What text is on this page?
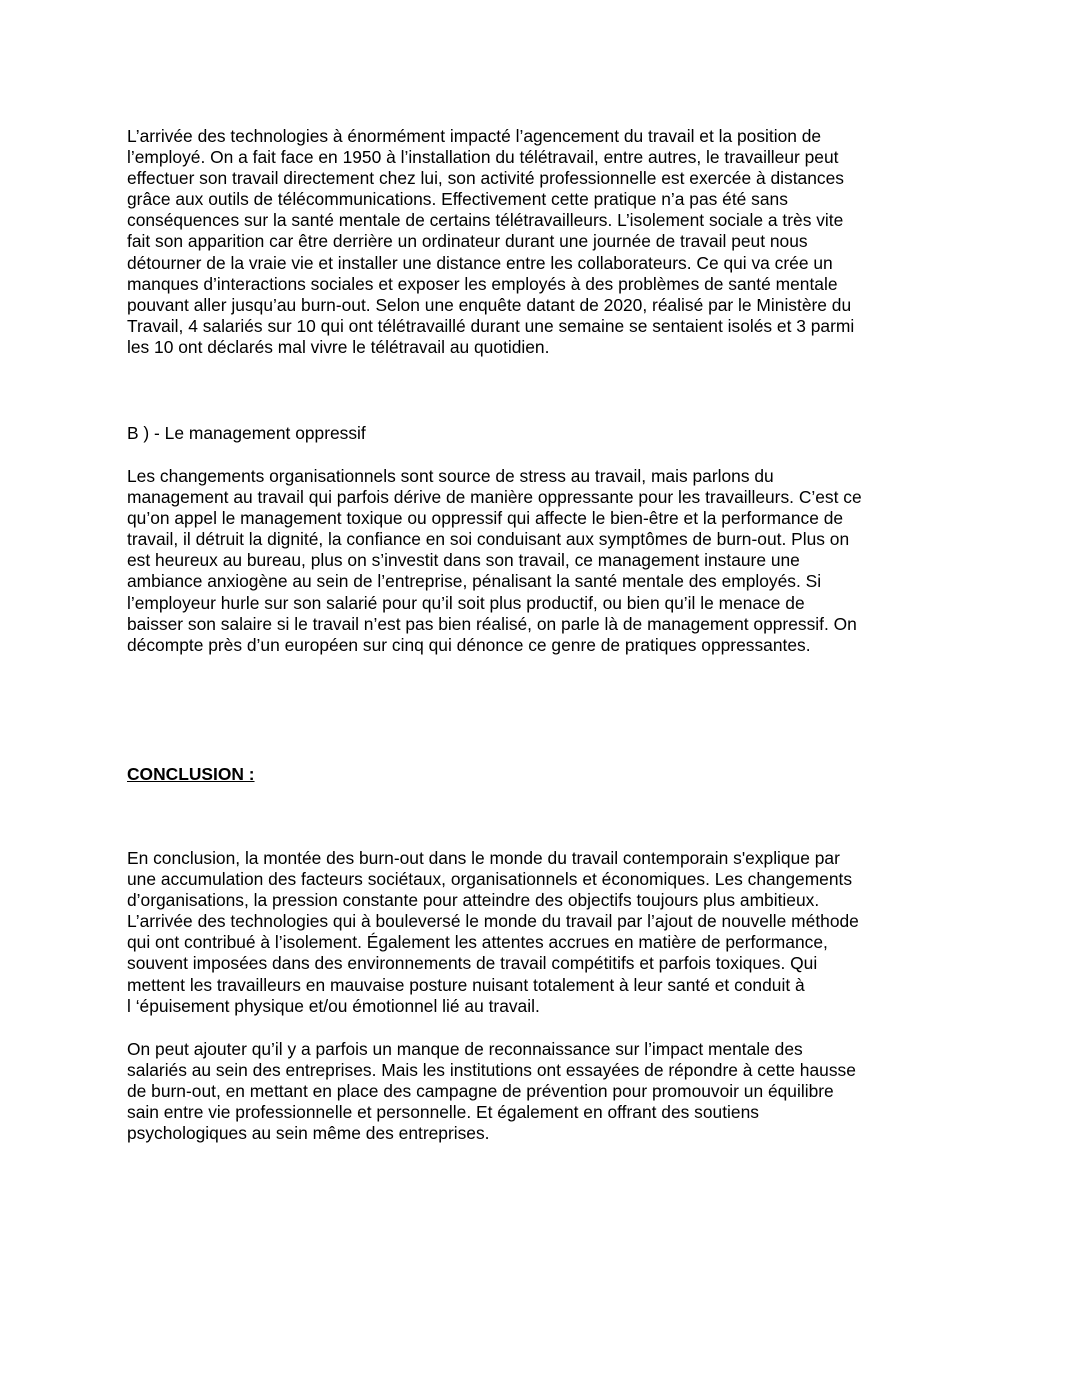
L’arrivée des technologies à énormément impacté l’agencement du travail et la position de
l’employé. On a fait face en 1950 à l’installation du télétravail, entre autres, le travailleur peut
effectuer son travail directement chez lui, son activité professionnelle est exercée à distances
grâce aux outils de télécommunications. Effectivement cette pratique n’a pas été sans
conséquences sur la santé mentale de certains télétravailleurs. L’isolement sociale a très vite
fait son apparition car être derrière un ordinateur durant une journée de travail peut nous
détourner de la vraie vie et installer une distance entre les collaborateurs. Ce qui va crée un
manques d’interactions sociales et exposer les employés à des problèmes de santé mentale
pouvant aller jusqu’au burn-out. Selon une enquête datant de 2020, réalisé par le Ministère du
Travail, 4 salariés sur 10 qui ont télétravaillé durant une semaine se sentaient isolés et 3 parmi
les 10 ont déclarés mal vivre le télétravail au quotidien.

B ) - Le management oppressif

Les changements organisationnels sont source de stress au travail, mais parlons du
management au travail qui parfois dérive de manière oppressante pour les travailleurs. C’est ce
qu’on appel le management toxique ou oppressif qui affecte le bien-être et la performance de
travail, il détruit la dignité, la confiance en soi conduisant aux symptômes de burn-out. Plus on
est heureux au bureau, plus on s’investit dans son travail, ce management instaure une
ambiance anxiogène au sein de l’entreprise, pénalisant la santé mentale des employés. Si
l’employeur hurle sur son salarié pour qu’il soit plus productif, ou bien qu’il le menace de
baisser son salaire si le travail n’est pas bien réalisé, on parle là de management oppressif. On
décompte près d’un européen sur cinq qui dénonce ce genre de pratiques oppressantes.

CONCLUSION :

En conclusion, la montée des burn-out dans le monde du travail contemporain s'explique par
une accumulation des facteurs sociétaux, organisationnels et économiques. Les changements
d’organisations, la pression constante pour atteindre des objectifs toujours plus ambitieux.
L’arrivée des technologies qui à bouleversé le monde du travail par l’ajout de nouvelle méthode
qui ont contribué à l’isolement. Également les attentes accrues en matière de performance,
souvent imposées dans des environnements de travail compétitifs et parfois toxiques. Qui
mettent les travailleurs en mauvaise posture nuisant totalement à leur santé et conduit à
l ‘épuisement physique et/ou émotionnel lié au travail.

On peut ajouter qu’il y a parfois un manque de reconnaissance sur l’impact mentale des
salariés au sein des entreprises. Mais les institutions ont essayées de répondre à cette hausse
de burn-out, en mettant en place des campagne de prévention pour promouvoir un équilibre
sain entre vie professionnelle et personnelle. Et également en offrant des soutiens
psychologiques au sein même des entreprises.
